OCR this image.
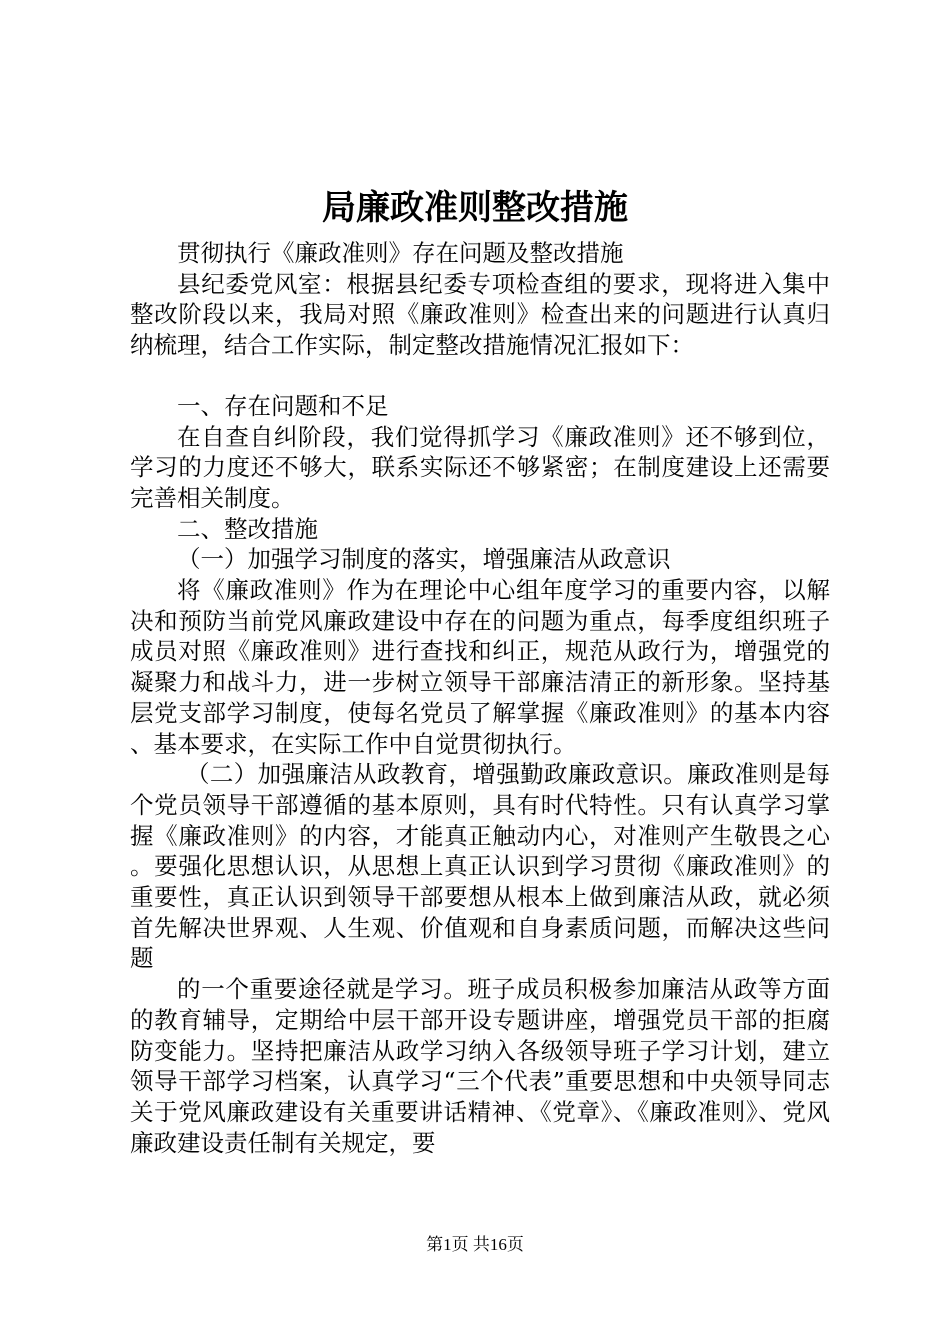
局廉政准则整改措施

贯彻执行《廉政准则》存在问题及整改措施

县纪委党风室：根据县纪委专项检查组的要求，现将进入集中整改阶段以来，我局对照《廉政准则》检查出来的问题进行认真归纳梳理，结合工作实际，制定整改措施情况汇报如下：

一、存在问题和不足

在自查自纠阶段，我们觉得抓学习《廉政准则》还不够到位，学习的力度还不够大，联系实际还不够紧密；在制度建设上还需要完善相关制度。

二、整改措施

（一）加强学习制度的落实，增强廉洁从政意识

将《廉政准则》作为在理论中心组年度学习的重要内容，以解决和预防当前党风廉政建设中存在的问题为重点，每季度组织班子成员对照《廉政准则》进行查找和纠正，规范从政行为，增强党的凝聚力和战斗力，进一步树立领导干部廉洁清正的新形象。坚持基层党支部学习制度，使每名党员了解掌握《廉政准则》的基本内容、基本要求，在实际工作中自觉贯彻执行。

（二）加强廉洁从政教育，增强勤政廉政意识。廉政准则是每个党员领导干部遵循的基本原则，具有时代特性。只有认真学习掌握《廉政准则》的内容，才能真正触动内心，对准则产生敬畏之心。要强化思想认识，从思想上真正认识到学习贯彻《廉政准则》的重要性，真正认识到领导干部要想从根本上做到廉洁从政，就必须首先解决世界观、人生观、价值观和自身素质问题，而解决这些问题

的一个重要途径就是学习。班子成员积极参加廉洁从政等方面的教育辅导，定期给中层干部开设专题讲座，增强党员干部的拒腐防变能力。坚持把廉洁从政学习纳入各级领导班子学习计划，建立领导干部学习档案，认真学习“三个代表”重要思想和中央领导同志关于党风廉政建设有关重要讲话精神、《党章》、《廉政准则》、党风廉政建设责任制有关规定，要

第1页 共16页
